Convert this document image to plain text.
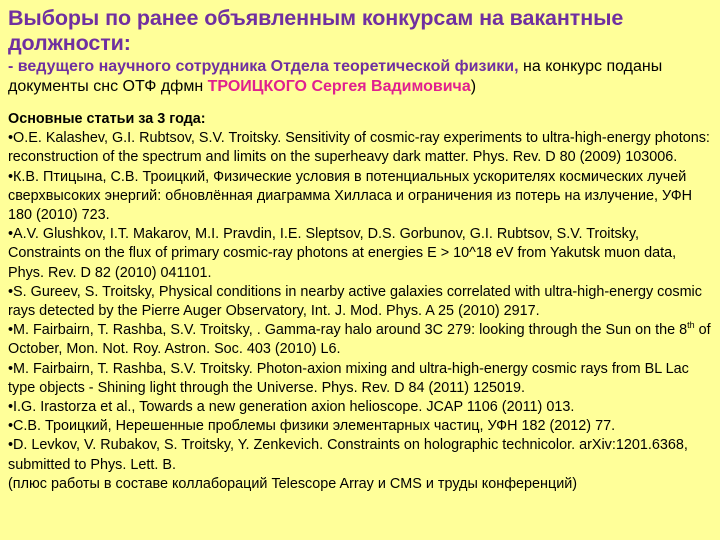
Выборы по ранее объявленным конкурсам на вакантные должности:
- ведущего научного сотрудника Отдела теоретической физики, на конкурс поданы документы снс ОТФ дфмн ТРОИЦКОГО Сергея Вадимовича)
Основные статьи за 3 года:
•O.E. Kalashev, G.I. Rubtsov, S.V. Troitsky. Sensitivity of cosmic-ray experiments to ultra-high-energy photons: reconstruction of the spectrum and limits on the superheavy dark matter. Phys. Rev. D 80 (2009) 103006.
•К.В. Птицына, С.В. Троицкий, Физические условия в потенциальных ускорителях космических лучей сверхвысоких энергий: обновлённая диаграмма Хилласа и ограничения из потерь на излучение, УФН 180 (2010) 723.
•A.V. Glushkov, I.T. Makarov, M.I. Pravdin, I.E. Sleptsov, D.S. Gorbunov, G.I. Rubtsov, S.V. Troitsky, Constraints on the flux of primary cosmic-ray photons at energies E > 10^18 eV from Yakutsk muon data, Phys. Rev. D 82 (2010) 041101.
•S. Gureev, S. Troitsky, Physical conditions in nearby active galaxies correlated with ultra-high-energy cosmic rays detected by the Pierre Auger Observatory, Int. J. Mod. Phys. A 25 (2010) 2917.
•M. Fairbairn, T. Rashba, S.V. Troitsky, . Gamma-ray halo around 3C 279: looking through the Sun on the 8th of October, Mon. Not. Roy. Astron. Soc. 403 (2010) L6.
•M. Fairbairn, T. Rashba, S.V. Troitsky. Photon-axion mixing and ultra-high-energy cosmic rays from BL Lac type objects - Shining light through the Universe. Phys. Rev. D 84 (2011) 125019.
•I.G. Irastorza et al., Towards a new generation axion helioscope. JCAP 1106 (2011) 013.
•С.В. Троицкий, Нерешенные проблемы физики элементарных частиц, УФН 182 (2012) 77.
•D. Levkov, V. Rubakov, S. Troitsky, Y. Zenkevich. Constraints on holographic technicolor. arXiv:1201.6368, submitted to Phys. Lett. B.
(плюс работы в составе коллабораций Telescope Array и CMS и труды конференций)
